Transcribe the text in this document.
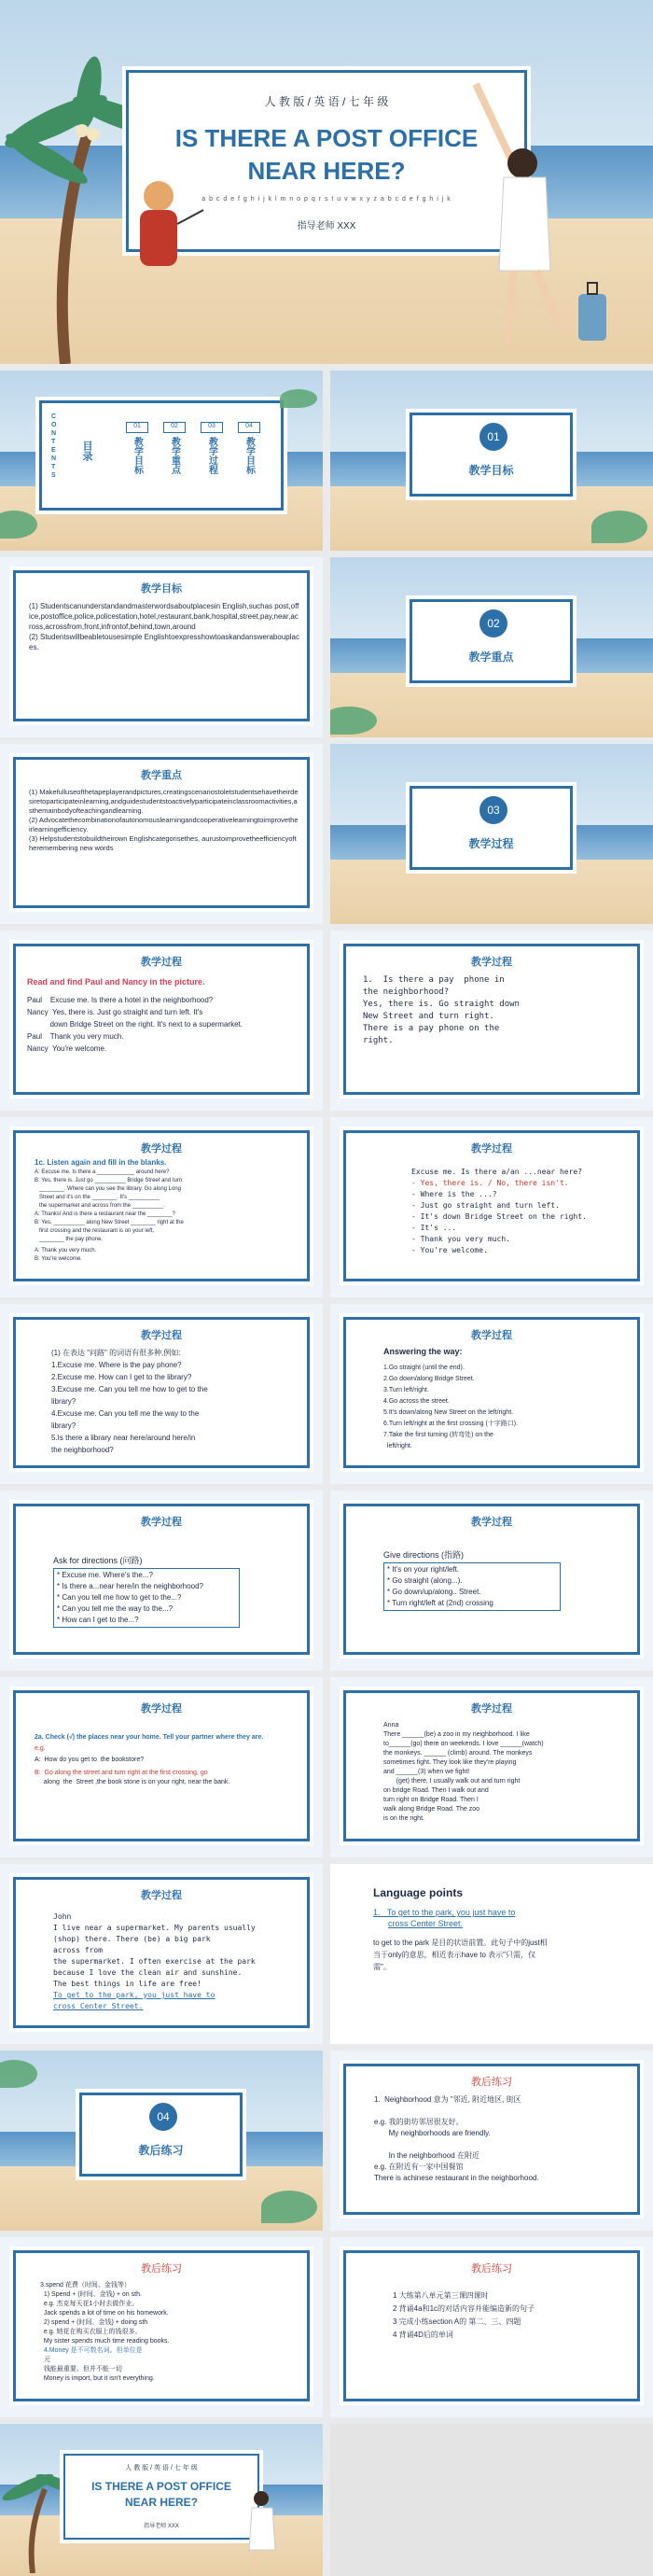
人 教 版 / 英 语 / 七 年 级
IS THERE A POST OFFICE
NEAR HERE?
a b c d e f g h i j k l m n o p q r s t u v w x y z a b c d e f g h i j k
指导老师 XXX
CONTENTS
目录
01
教学目标
02
教学重点
03
教学过程
04
教学目标	01
教学目标
教学目标
(1) Studentscanunderstandandmasterwordsaboutplacesin English,suchas post,office,postoffice,police,policestation,hotel,restaurant,bank,hospital,street,pay,near,across,acrossfrom,front,infrontof,behind,town,around
(2) Studentswillbeabletousesimple Englishtoexpresshowtoaskandanswerabouplaces.
02
教学重点
教学重点
(1) Makefulluseofthetapeplayerandpictures,creatingscenariostoletstudentsehavetheirdesiretoparticipateinlearning,andguidestudentstoactivelyparticipateinclassroomactivities,asthemainbodyofteachingandlearning.
(2) Advocatethecombinationofautonomouslearningandcooperativelearningtoimprovetheirlearningefficiency.
(3) Helpstudentstobuildtheirown Englishcategorisethes, aurustoimprovetheefficiencyoftheremembering new words
03
教学过程
教学过程
Read and find Paul and Nancy in the picture.
Paul    Excuse me. Is there a hotel in the neighborhood?
Nancy  Yes, there is. Just go straight and turn left. It's
down Bridge Street on the right. It's next to a supermarket.
Paul    Thank you very much.
Nancy  You're welcome.
教学过程
1.  Is there a pay  phone in the neighborhood?
Yes, there is. Go straight down New Street and turn right. There is a pay phone on the right.
教学过程
1c. Listen again and fill in the blanks.
A: Excuse me. Is there a ____________ around here?
B: Yes, there is. Just go __________ Bridge Street and turn
________. Where can you see the library. Go along Long
Street and it's on the ________. It's __________
the supermarket and across from the __________.
A: Thanks! And is there a restaurant near the ________?
B: Yes, __________ along New Street ________ right at the
first crossing and the restaurant is on your left,
________ the pay phone.
A: Thank you very much.
B: You're welcome.
教学过程
Excuse me. Is there a/an ...near here?
- Yes, there is. / No, there isn't.
- Where is the ...?
- Just go straight and turn left.
- It's down Bridge Street on the right.
- It's ...
- Thank you very much.
- You're welcome.
教学过程
(1) 在表达 "问路" 的词语有很多种,例如:
1.Excuse me. Where is the pay phone?
2.Excuse me. How can I get to the library?
3.Excuse me. Can you tell me how to get to the
library?
4.Excuse me. Can you tell me the way to the
library?
5.Is there a library near here/around here/in
the neighborhood?
教学过程
Answering the way:
1.Go straight (until the end).
2.Go down/along Bridge Street.
3.Turn left/right.
4.Go across the street.
5.It's down/along New Street on the left/right.
6.Turn left/right at the first crossing (十字路口).
7.Take the first turning (转弯处) on the
left/right.
教学过程
Ask for directions (问路)
* Excuse me. Where's the...?
* Is there a...near here/in the neighborhood?
* Can you tell me how to get to the...?
* Can you tell me the way to the...?
* How can I get to the...?
教学过程
Give directions (指路)
* It's on your right/left.
* Go straight (along...).
* Go down/up/along.. Street.
* Turn right/left at (2nd) crossing
教学过程
2a. Check (√) the places near your home. Tell your partner where they are.
e.g.
A:  How do you get to  the bookstore?
B:  Go along the street and turn right at the first crossing, go
along  the  Street ,the book stone is on your right, near the bank.
教学过程
Anna
There ______(be) a zoo in my neighborhood. I like
to______(go) there on weekends. I love ______(watch)
the monkeys. ______ (climb) around. The monkeys
sometimes fight. They look like they're playing
and ______(3) when we fight!
(get) there, I usually walk out and turn right
on bridge Road. Then I walk out and
turn right on Bridge Road. Then I
walk along Bridge Road. The zoo
is on the right.
教学过程
John
I live near a supermarket. My parents usually
(shop) there. There (be) a big park
across from
the supermarket. I often exercise at the park
because I love the clean air and sunshine.
The best things in life are free!
To get to the park, you just have to
cross Center Street.
Language points
1.   To get to the park, you just have to
cross Center Street.
to get to the park 是目的状语前置。此句子中的just相当于only的意思，相近表示have to 表示"只需，仅需"。
04
教后练习
教后练习
1.  Neighborhood 意为 "邻近, 附近地区, 街区
e.g. 我的街坊邻居很友好。
My neighborhoods are friendly.
In the neighborhood 在附近
e.g. 在附近有一家中国餐馆
There is achinese restaurant in the neighborhood.
教后练习
3.spend 花费（时间、金钱等）
1) Spend + (时间、金钱) + on sth.
e.g. 杰克每天花1小时去做作业。
Jack spends a lot of time on his homework.
2) spend + (时间、金钱) + doing sth
e.g. 她花在购买衣服上的钱很多。
My sister spends much time reading books.
4.Money 是不可数名词。但单位是
元
钱能最重要。但并不能一切
Money is import, but it isn't everything.
教后练习
1 大练第八单元第三课四课时
2 背诵4a和1c的对话内容并能编造新的句子
3 完成小练section A的 第二、三、四题
4 背诵4D后的单词
人 教 版 / 英 语 / 七 年 级
IS THERE A POST OFFICE
NEAR HERE?
指导老师 XXX
